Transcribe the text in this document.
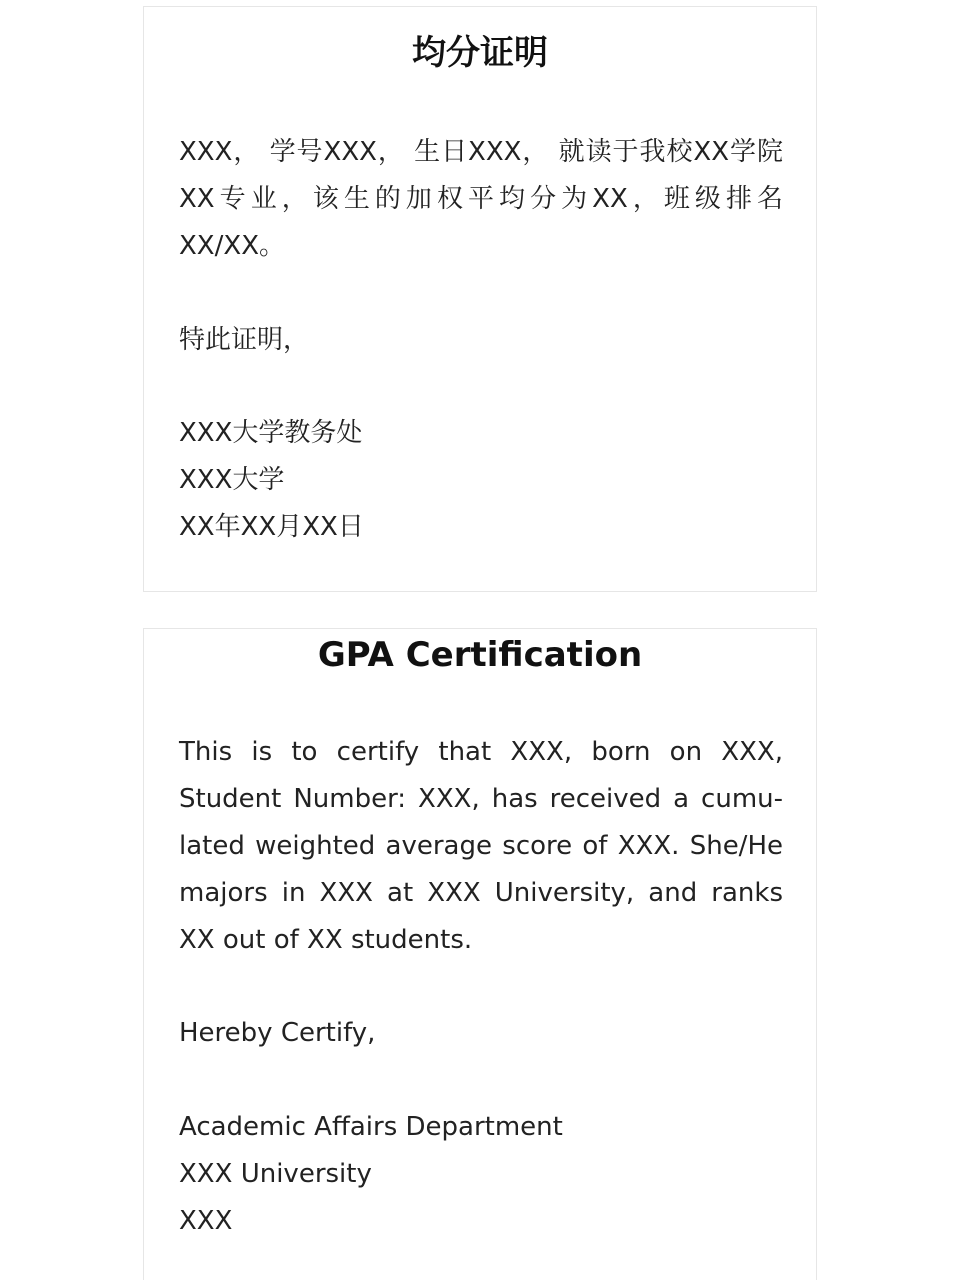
均分证明
XXX， 学号XXX， 生日XXX， 就读于我校XX学院XX专业，该生的加权平均分为XX，班级排名XX/XX。
特此证明，
XXX大学教务处
XXX大学
XX年XX月XX日
GPA Certification
This is to certify that XXX, born on XXX, Student Number: XXX, has received a cumu-lated weighted average score of XXX. She/He majors in XXX at XXX University, and ranks XX out of XX students.
Hereby Certify,
Academic Affairs Department
XXX University
XXX
